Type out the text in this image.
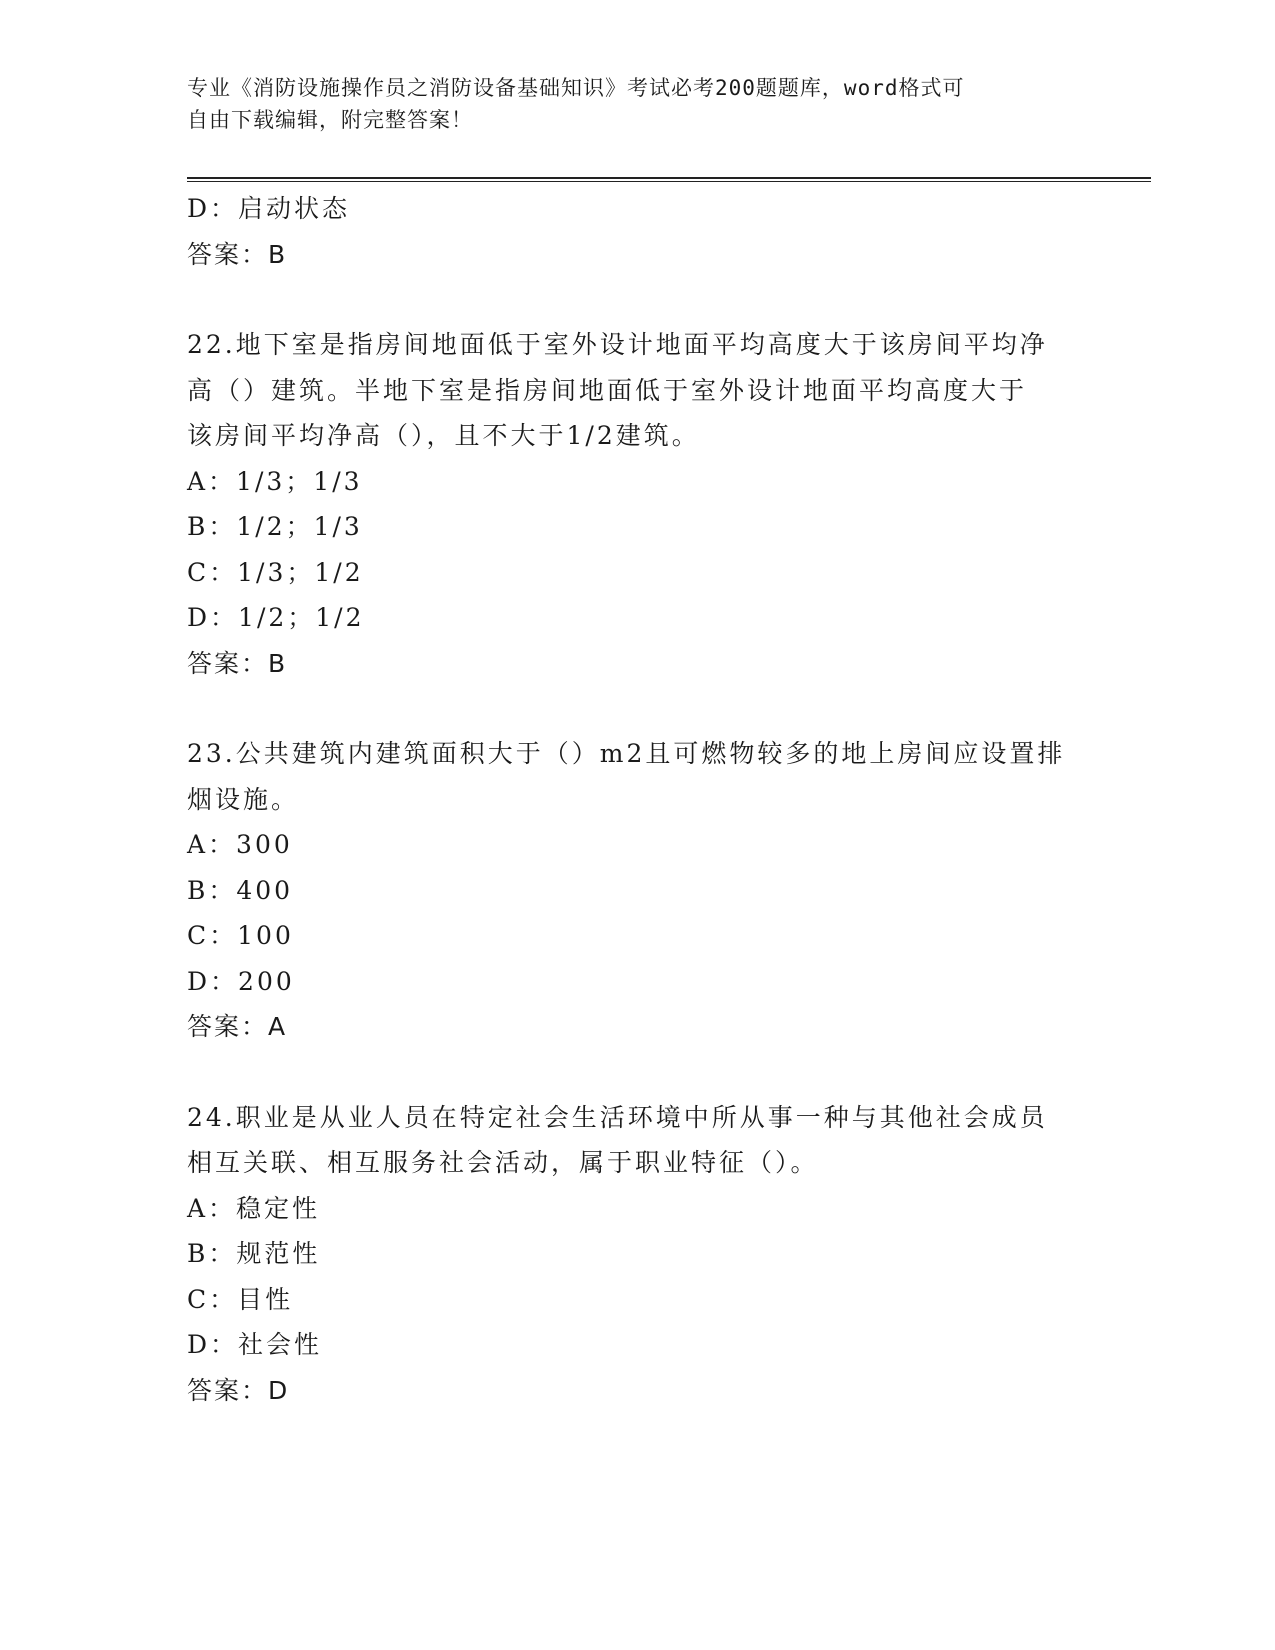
专业《消防设施操作员之消防设备基础知识》考试必考200题题库，word格式可
自由下载编辑，附完整答案！
D：启动状态
答案：B
22.地下室是指房间地面低于室外设计地面平均高度大于该房间平均净
高（）建筑。半地下室是指房间地面低于室外设计地面平均高度大于
该房间平均净高（），且不大于1/2建筑。
A：1/3；1/3
B：1/2；1/3
C：1/3；1/2
D：1/2；1/2
答案：B
23.公共建筑内建筑面积大于（）m2且可燃物较多的地上房间应设置排
烟设施。
A：300
B：400
C：100
D：200
答案：A
24.职业是从业人员在特定社会生活环境中所从事一种与其他社会成员
相互关联、相互服务社会活动，属于职业特征（）。
A：稳定性
B：规范性
C：目性
D：社会性
答案：D
